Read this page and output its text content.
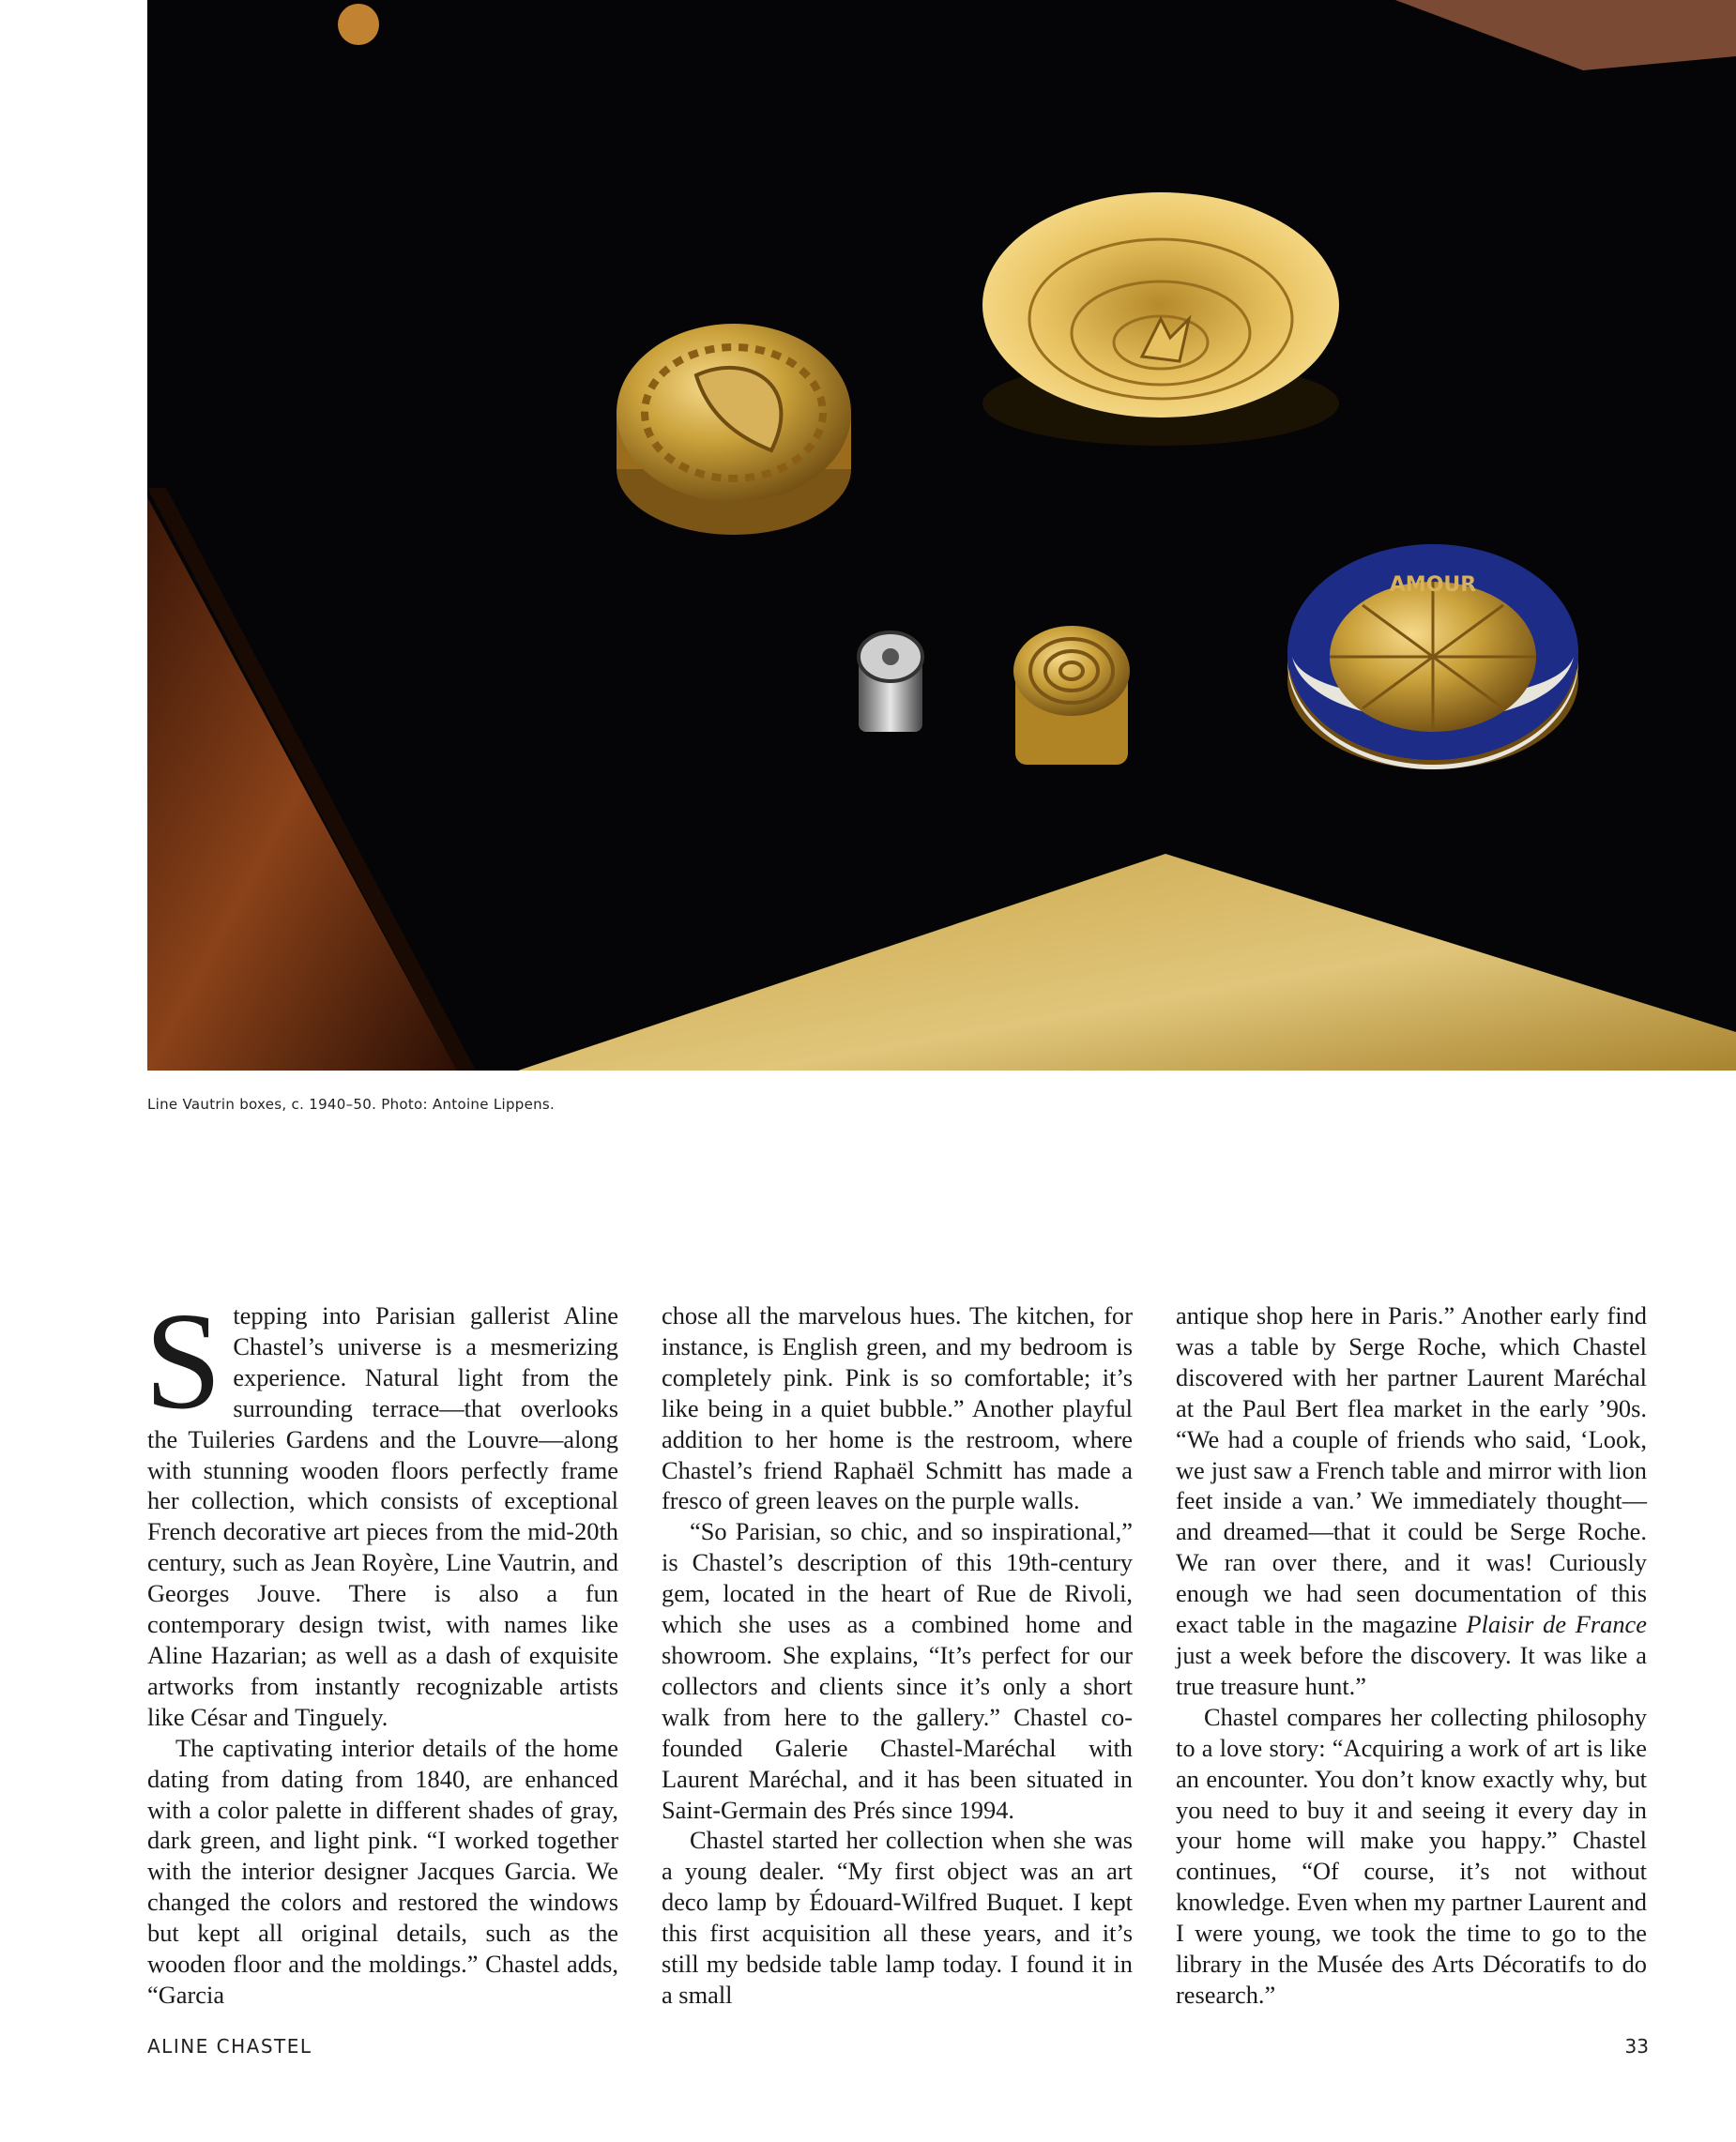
AMOUR
Line Vautrin boxes, c. 1940–50. Photo: Antoine Lippens.

Stepping into Parisian gallerist Aline Chastel’s universe is a mesmerizing experience. Natural light from the surrounding terrace—that overlooks the Tuileries Gardens and the Louvre—along with stunning wooden floors perfectly frame her collection, which consists of exceptional French decorative art pieces from the mid-20th century, such as Jean Royère, Line Vautrin, and Georges Jouve. There is also a fun contemporary design twist, with names like Aline Hazarian; as well as a dash of exquisite artworks from instantly recognizable artists like César and Tinguely.

The captivating interior details of the home dating from dating from 1840, are enhanced with a color palette in different shades of gray, dark green, and light pink. “I worked together with the interior designer Jacques Garcia. We changed the colors and restored the windows but kept all original details, such as the wooden floor and the moldings.” Chastel adds, “Garcia

chose all the marvelous hues. The kitchen, for instance, is English green, and my bedroom is completely pink. Pink is so comfortable; it’s like being in a quiet bubble.” Another playful addition to her home is the restroom, where Chastel’s friend Raphaël Schmitt has made a fresco of green leaves on the purple walls.

“So Parisian, so chic, and so inspirational,” is Chastel’s description of this 19th-century gem, located in the heart of Rue de Rivoli, which she uses as a combined home and showroom. She explains, “It’s perfect for our collectors and clients since it’s only a short walk from here to the gallery.” Chastel co-founded Galerie Chastel-Maréchal with Laurent Maréchal, and it has been situated in Saint-Germain des Prés since 1994.

Chastel started her collection when she was a young dealer. “My first object was an art deco lamp by Édouard-Wilfred Buquet. I kept this first acquisition all these years, and it’s still my bedside table lamp today. I found it in a small

antique shop here in Paris.” Another early find was a table by Serge Roche, which Chastel discovered with her partner Laurent Maréchal at the Paul Bert flea market in the early ’90s. “We had a couple of friends who said, ‘Look, we just saw a French table and mirror with lion feet inside a van.’ We immediately thought—and dreamed—that it could be Serge Roche. We ran over there, and it was! Curiously enough we had seen documentation of this exact table in the magazine Plaisir de France just a week before the discovery. It was like a true treasure hunt.”

Chastel compares her collecting philosophy to a love story: “Acquiring a work of art is like an encounter. You don’t know exactly why, but you need to buy it and seeing it every day in your home will make you happy.” Chastel continues, “Of course, it’s not without knowledge. Even when my partner Laurent and I were young, we took the time to go to the library in the Musée des Arts Décoratifs to do research.”

ALINE CHASTEL	33
